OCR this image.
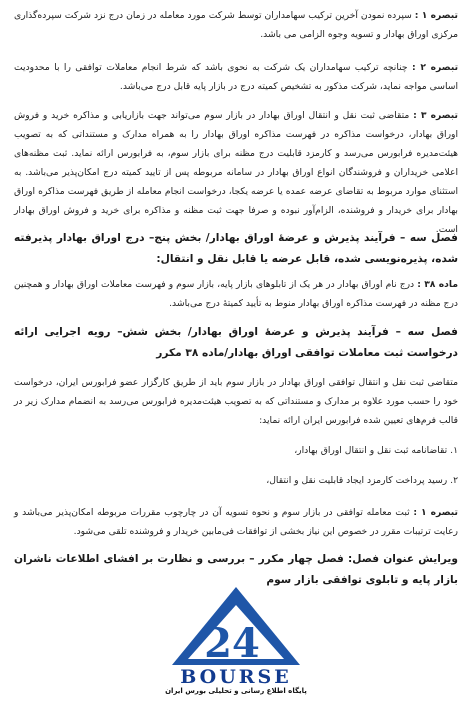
تبصره ۱ : سپرده نمودن آخرین ترکیب سهامداران توسط شرکت مورد معامله در زمان درج نزد شرکت سپرده‌گذاری مرکزی اوراق بهادار و تسویه وجوه الزامی می باشد.

تبصره ۲ : چنانچه ترکیب سهامداران یک شرکت به نحوی باشد که شرط انجام معاملات توافقی را با محدودیت اساسی مواجه نماید، شرکت مذکور به تشخیص کمیته درج در بازار پایه قابل درج می‌باشد.

تبصره ۳ : متقاضی ثبت نقل و انتقال اوراق بهادار در بازار سوم می‌تواند جهت بازاریابی و مذاکره خرید و فروش اوراق بهادار، درخواست مذاکره در فهرست مذاکره اوراق بهادار را به همراه مدارک و مستنداتی که به تصویب هیئت‌مدیره فرابورس می‌رسد و کارمزد قابلیت درج مظنه برای بازار سوم، به فرابورس ارائه نماید. ثبت مظنه‌های اعلامی خریداران و فروشندگان انواع اوراق بهادار در سامانه مربوطه پس از تایید کمیته درج امکان‌پذیر می‌باشد. به استثنای موارد مربوط به تقاضای عرضه عمده یا عرضه یکجا، درخواست انجام معامله از طریق فهرست مذاکره اوراق بهادار برای خریدار و فروشنده، الزام‌آور نبوده و صرفا جهت ثبت مظنه و مذاکره برای خرید و فروش اوراق بهادار است.

فصل سه – فرآیند پذیرش و عرضهٔ اوراق بهادار/ بخش پنج– درج اوراق بهادار پذیرفته شده، پذیره‌نویسی شده، قابل عرضه یا قابل نقل و انتقال:

ماده ۳۸ : درج نام اوراق بهادار در هر یک از تابلوهای بازار پایه، بازار سوم و فهرست معاملات اوراق بهادار و همچنین درج مظنه در فهرست مذاکره اوراق بهادار منوط به تأیید کمیتهٔ درج می‌باشد.

فصل سه – فرآیند پذیرش و عرضهٔ اوراق بهادار/ بخش شش– رویه اجرایی ارائه درخواست ثبت معاملات توافقی اوراق بهادار/ماده ۳۸ مکرر

متقاضی ثبت نقل و انتقال توافقی اوراق بهادار در بازار سوم باید از طریق کارگزار عضو فرابورس ایران، درخواست خود را حسب مورد علاوه بر مدارک و مستنداتی که به تصویب هیئت‌مدیره فرابورس می‌رسد به انضمام مدارک زیر در قالب فرم‌های تعیین شده فرابورس ایران ارائه نماید:

۱. تقاضانامه ثبت نقل و انتقال اوراق بهادار،

۲. رسید پرداخت کارمزد ایجاد قابلیت نقل و انتقال،

تبصره ۱ : ثبت معامله توافقی در بازار سوم و نحوه تسویه آن در چارچوب مقررات مربوطه امکان‌پذیر می‌باشد و رعایت ترتیبات مقرر در خصوص این نیاز بخشی از توافقات فی‌مابین خریدار و فروشنده تلقی می‌شود.

ویرایش عنوان فصل: فصل چهار مکرر – بررسی و نظارت بر افشای اطلاعات ناشران بازار پایه و تابلوی توافقی بازار سوم

24
BOURSE
پایگاه اطلاع رسانی و تحلیلی بورس ایران
